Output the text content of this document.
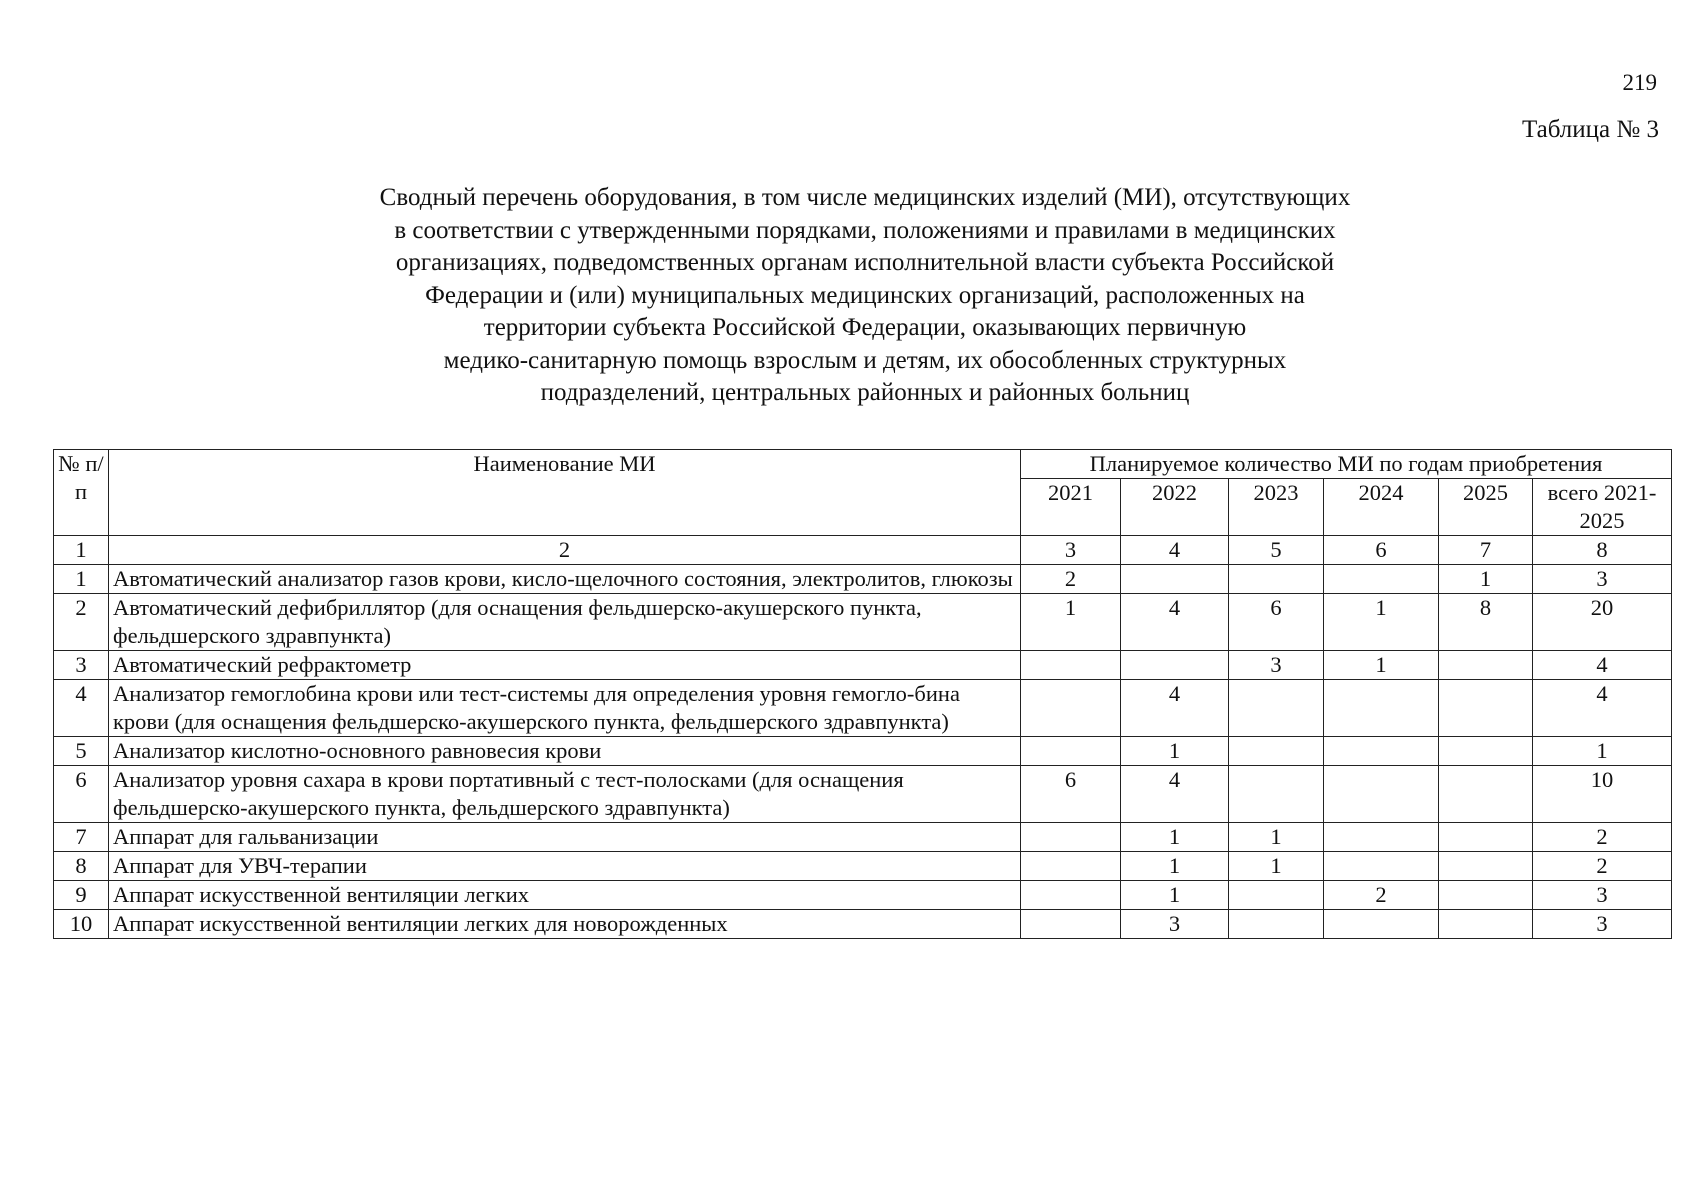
219
Таблица № 3
Сводный перечень оборудования, в том числе медицинских изделий (МИ), отсутствующих
в соответствии с утвержденными порядками, положениями и правилами в медицинских
организациях, подведомственных органам исполнительной власти субъекта Российской
Федерации и (или) муниципальных медицинских организаций, расположенных на
территории субъекта Российской Федерации, оказывающих первичную
медико-санитарную помощь взрослым и детям, их обособленных структурных
подразделений, центральных районных и районных больниц
№ п/п	Наименование МИ	Планируемое количество МИ по годам приобретения					
		2021	2022	2023	2024	2025	всего 2021-2025

1	2	3	4	5	6	7	8
1	Автоматический анализатор газов крови, кисло-щелочного состояния, электролитов, глюкозы	2				1	3
2	Автоматический дефибриллятор (для оснащения фельдшерско-акушерского пункта, фельдшерского здравпункта)	1	4	6	1	8	20
3	Автоматический рефрактометр			3	1		4
4	Анализатор гемоглобина крови или тест-системы для определения уровня гемогло-бина крови (для оснащения фельдшерско-акушерского пункта, фельдшерского здравпункта)		4				4
5	Анализатор кислотно-основного равновесия крови		1				1
6	Анализатор уровня сахара в крови портативный с тест-полосками (для оснащения фельдшерско-акушерского пункта, фельдшерского здравпункта)	6	4				10
7	Аппарат для гальванизации		1	1			2
8	Аппарат для УВЧ-терапии		1	1			2
9	Аппарат искусственной вентиляции легких		1		2		3
10	Аппарат искусственной вентиляции легких для новорожденных		3				3
